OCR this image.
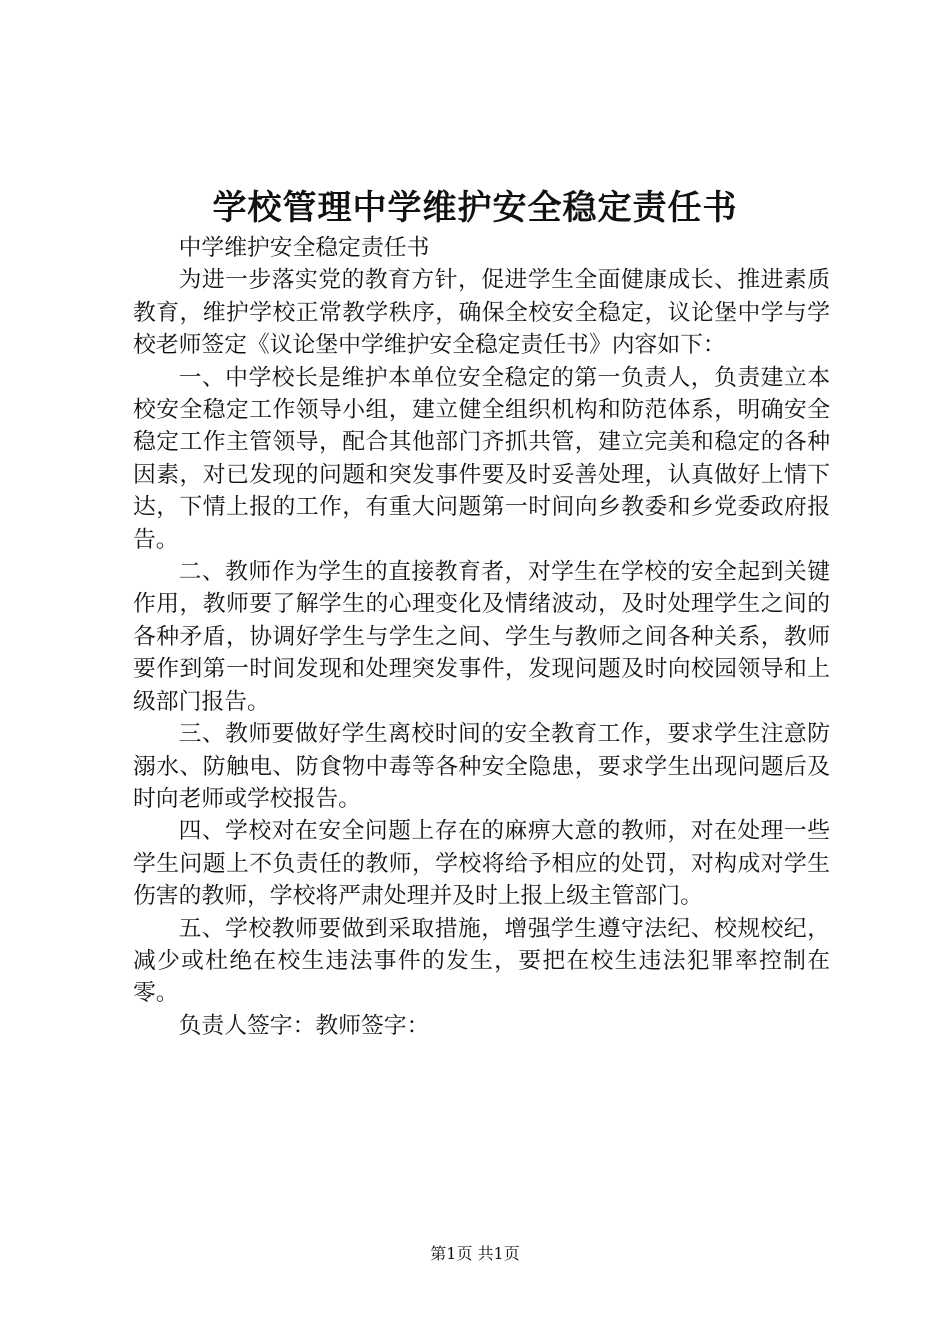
学校管理中学维护安全稳定责任书

中学维护安全稳定责任书

为进一步落实党的教育方针，促进学生全面健康成长、推进素质教育，维护学校正常教学秩序，确保全校安全稳定，议论堡中学与学校老师签定《议论堡中学维护安全稳定责任书》内容如下：

一、中学校长是维护本单位安全稳定的第一负责人，负责建立本校安全稳定工作领导小组，建立健全组织机构和防范体系，明确安全稳定工作主管领导，配合其他部门齐抓共管，建立完美和稳定的各种因素，对已发现的问题和突发事件要及时妥善处理，认真做好上情下达，下情上报的工作，有重大问题第一时间向乡教委和乡党委政府报告。

二、教师作为学生的直接教育者，对学生在学校的安全起到关键作用，教师要了解学生的心理变化及情绪波动，及时处理学生之间的各种矛盾，协调好学生与学生之间、学生与教师之间各种关系，教师要作到第一时间发现和处理突发事件，发现问题及时向校园领导和上级部门报告。

三、教师要做好学生离校时间的安全教育工作，要求学生注意防溺水、防触电、防食物中毒等各种安全隐患，要求学生出现问题后及时向老师或学校报告。

四、学校对在安全问题上存在的麻痹大意的教师，对在处理一些学生问题上不负责任的教师，学校将给予相应的处罚，对构成对学生伤害的教师，学校将严肃处理并及时上报上级主管部门。

五、学校教师要做到采取措施，增强学生遵守法纪、校规校纪，减少或杜绝在校生违法事件的发生，要把在校生违法犯罪率控制在零。

负责人签字：教师签字：

第1页 共1页
